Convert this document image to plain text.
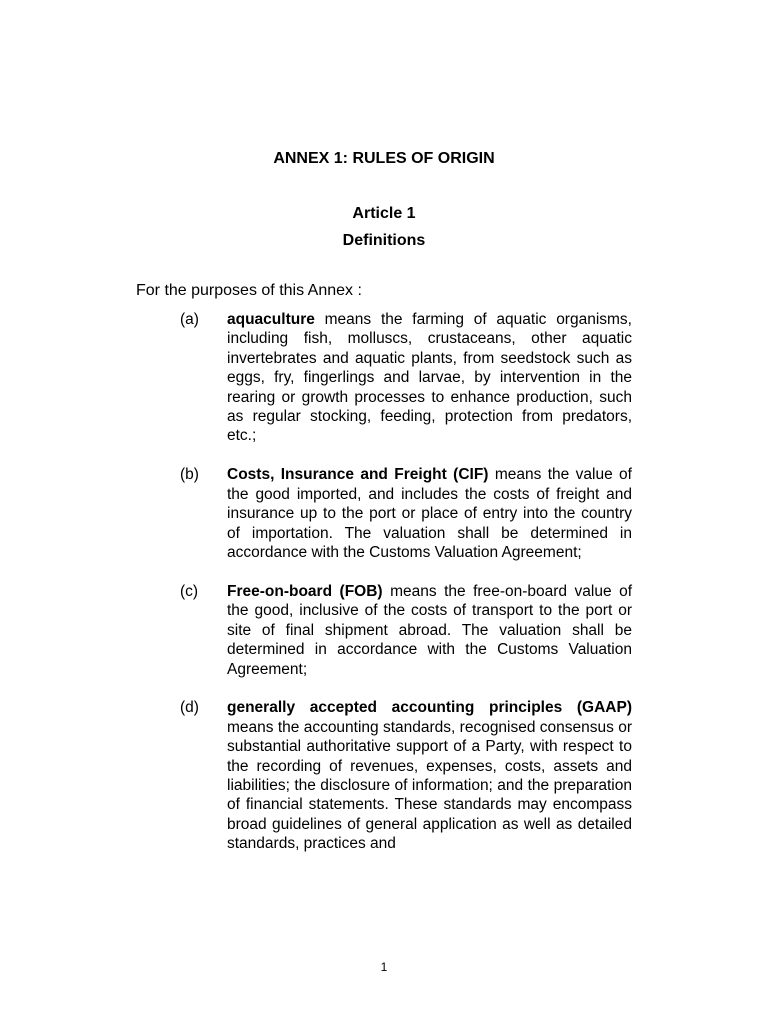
ANNEX 1: RULES OF ORIGIN
Article 1
Definitions

For the purposes of this Annex :

(a)	aquaculture means the farming of aquatic organisms, including fish, molluscs, crustaceans, other aquatic invertebrates and aquatic plants, from seedstock such as eggs, fry, fingerlings and larvae, by intervention in the rearing or growth processes to enhance production, such as regular stocking, feeding, protection from predators, etc.;

(b)	Costs, Insurance and Freight (CIF) means the value of the good imported, and includes the costs of freight and insurance up to the port or place of entry into the country of importation. The valuation shall be determined in accordance with the Customs Valuation Agreement;

(c)	Free-on-board (FOB) means the free-on-board value of the good, inclusive of the costs of transport to the port or site of final shipment abroad. The valuation shall be determined in accordance with the Customs Valuation Agreement;

(d)	generally accepted accounting principles (GAAP) means the accounting standards, recognised consensus or substantial authoritative support of a Party, with respect to the recording of revenues, expenses, costs, assets and liabilities; the disclosure of information; and the preparation of financial statements. These standards may encompass broad guidelines of general application as well as detailed standards, practices and

1
